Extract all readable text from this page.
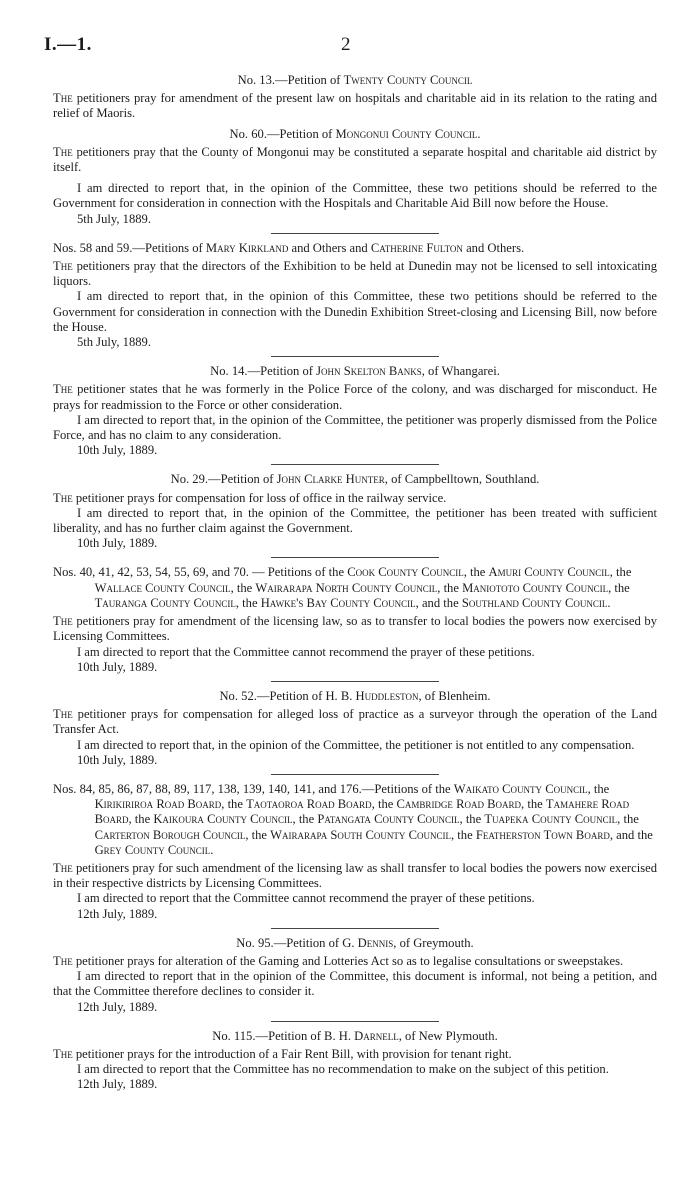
I.—1.	2
No. 13.—Petition of Twenty County Council

The petitioners pray for amendment of the present law on hospitals and charitable aid in its relation to the rating and relief of Maoris.

No. 60.—Petition of Mongonui County Council.

The petitioners pray that the County of Mongonui may be constituted a separate hospital and charitable aid district by itself.

I am directed to report that, in the opinion of the Committee, these two petitions should be referred to the Government for consideration in connection with the Hospitals and Charitable Aid Bill now before the House.

5th July, 1889.
Nos. 58 and 59.—Petitions of Mary Kirkland and Others and Catherine Fulton and Others.

The petitioners pray that the directors of the Exhibition to be held at Dunedin may not be licensed to sell intoxicating liquors.

I am directed to report that, in the opinion of this Committee, these two petitions should be referred to the Government for consideration in connection with the Dunedin Exhibition Street-closing and Licensing Bill, now before the House.

5th July, 1889.
No. 14.—Petition of John Skelton Banks, of Whangarei.

The petitioner states that he was formerly in the Police Force of the colony, and was discharged for misconduct. He prays for readmission to the Force or other consideration.

I am directed to report that, in the opinion of the Committee, the petitioner was properly dismissed from the Police Force, and has no claim to any consideration.

10th July, 1889.
No. 29.—Petition of John Clarke Hunter, of Campbelltown, Southland.

The petitioner prays for compensation for loss of office in the railway service.

I am directed to report that, in the opinion of the Committee, the petitioner has been treated with sufficient liberality, and has no further claim against the Government.

10th July, 1889.
Nos. 40, 41, 42, 53, 54, 55, 69, and 70. — Petitions of the Cook County Council, the Amuri County Council, the Wallace County Council, the Wairarapa North County Council, the Maniototo County Council, the Tauranga County Council, the Hawke's Bay County Council, and the Southland County Council.

The petitioners pray for amendment of the licensing law, so as to transfer to local bodies the powers now exercised by Licensing Committees.

I am directed to report that the Committee cannot recommend the prayer of these petitions.

10th July, 1889.
No. 52.—Petition of H. B. Huddleston, of Blenheim.

The petitioner prays for compensation for alleged loss of practice as a surveyor through the operation of the Land Transfer Act.

I am directed to report that, in the opinion of the Committee, the petitioner is not entitled to any compensation.

10th July, 1889.
Nos. 84, 85, 86, 87, 88, 89, 117, 138, 139, 140, 141, and 176.—Petitions of the Waikato County Council, the Kirikiriroa Road Board, the Taotaoroa Road Board, the Cambridge Road Board, the Tamahere Road Board, the Kaikoura County Council, the Patangata County Council, the Tuapeka County Council, the Carterton Borough Council, the Wairarapa South County Council, the Featherston Town Board, and the Grey County Council.

The petitioners pray for such amendment of the licensing law as shall transfer to local bodies the powers now exercised in their respective districts by Licensing Committees.

I am directed to report that the Committee cannot recommend the prayer of these petitions.

12th July, 1889.
No. 95.—Petition of G. Dennis, of Greymouth.

The petitioner prays for alteration of the Gaming and Lotteries Act so as to legalise consultations or sweepstakes.

I am directed to report that in the opinion of the Committee, this document is informal, not being a petition, and that the Committee therefore declines to consider it.

12th July, 1889.
No. 115.—Petition of B. H. Darnell, of New Plymouth.

The petitioner prays for the introduction of a Fair Rent Bill, with provision for tenant right.

I am directed to report that the Committee has no recommendation to make on the subject of this petition.

12th July, 1889.
